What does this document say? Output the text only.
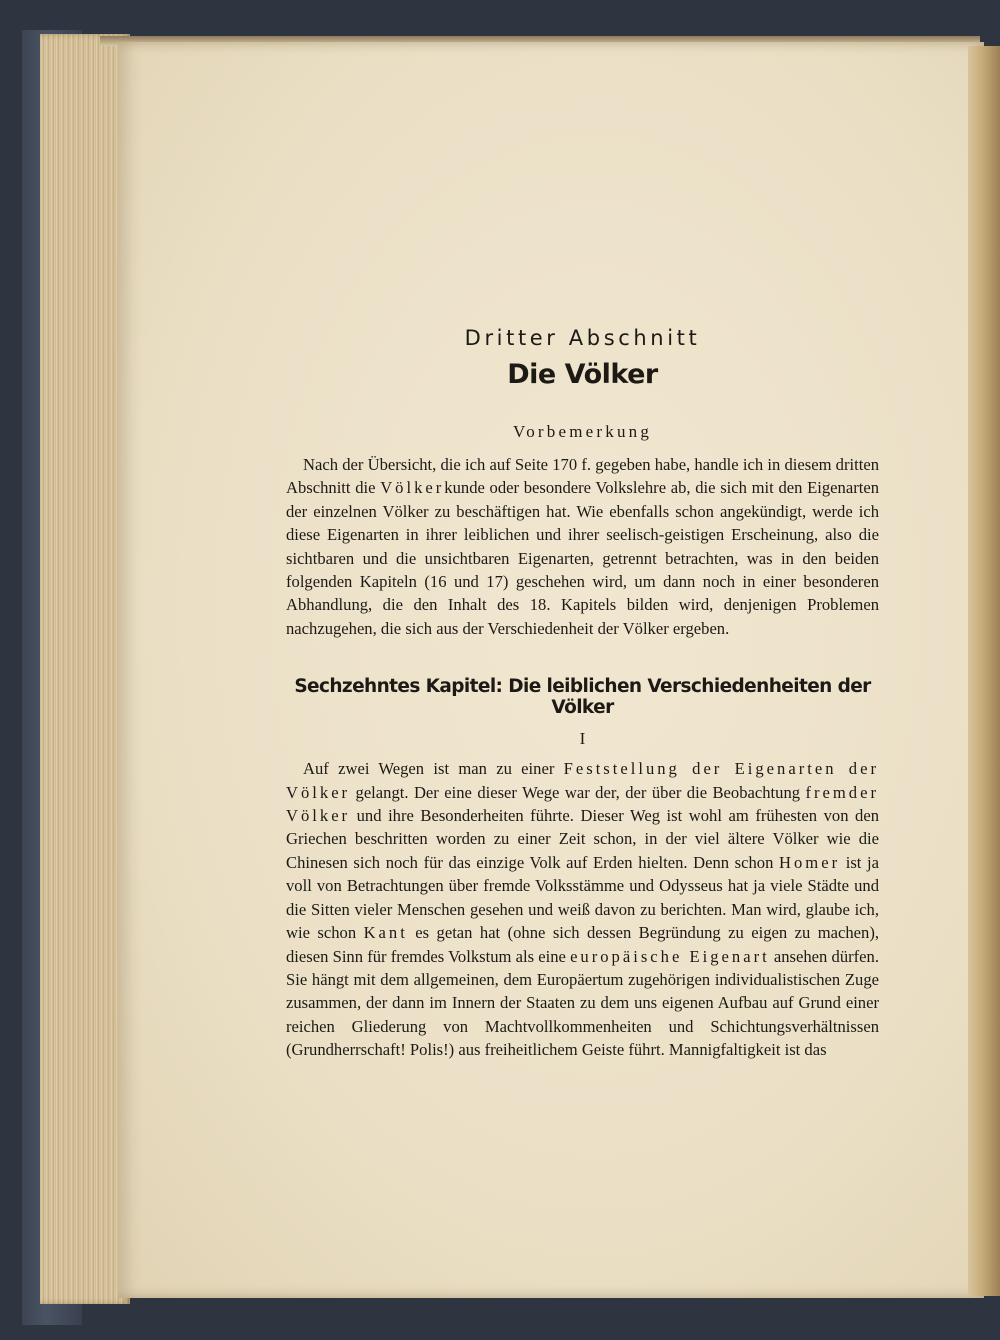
Dritter Abschnitt
Die Völker
Vorbemerkung

Nach der Übersicht, die ich auf Seite 170 f. gegeben habe, handle ich in diesem dritten Abschnitt die Völkerkunde oder besondere Volkslehre ab, die sich mit den Eigenarten der einzelnen Völker zu beschäftigen hat. Wie ebenfalls schon angekündigt, werde ich diese Eigenarten in ihrer leiblichen und ihrer seelisch-geistigen Erscheinung, also die sichtbaren und die unsichtbaren Eigenarten, getrennt betrachten, was in den beiden folgenden Kapiteln (16 und 17) geschehen wird, um dann noch in einer besonderen Abhandlung, die den Inhalt des 18. Kapitels bilden wird, denjenigen Problemen nachzugehen, die sich aus der Verschiedenheit der Völker ergeben.

Sechzehntes Kapitel: Die leiblichen Verschiedenheiten der Völker
I

Auf zwei Wegen ist man zu einer Feststellung der Eigenarten der Völker gelangt. Der eine dieser Wege war der, der über die Beobachtung fremder Völker und ihre Besonderheiten führte. Dieser Weg ist wohl am frühesten von den Griechen beschritten worden zu einer Zeit schon, in der viel ältere Völker wie die Chinesen sich noch für das einzige Volk auf Erden hielten. Denn schon Homer ist ja voll von Betrachtungen über fremde Volksstämme und Odysseus hat ja viele Städte und die Sitten vieler Menschen gesehen und weiß davon zu berichten. Man wird, glaube ich, wie schon Kant es getan hat (ohne sich dessen Begründung zu eigen zu machen), diesen Sinn für fremdes Volkstum als eine europäische Eigenart ansehen dürfen. Sie hängt mit dem allgemeinen, dem Europäertum zugehörigen individualistischen Zuge zusammen, der dann im Innern der Staaten zu dem uns eigenen Aufbau auf Grund einer reichen Gliederung von Machtvollkommenheiten und Schichtungsverhältnissen (Grundherrschaft! Polis!) aus freiheitlichem Geiste führt. Mannigfaltigkeit ist das
